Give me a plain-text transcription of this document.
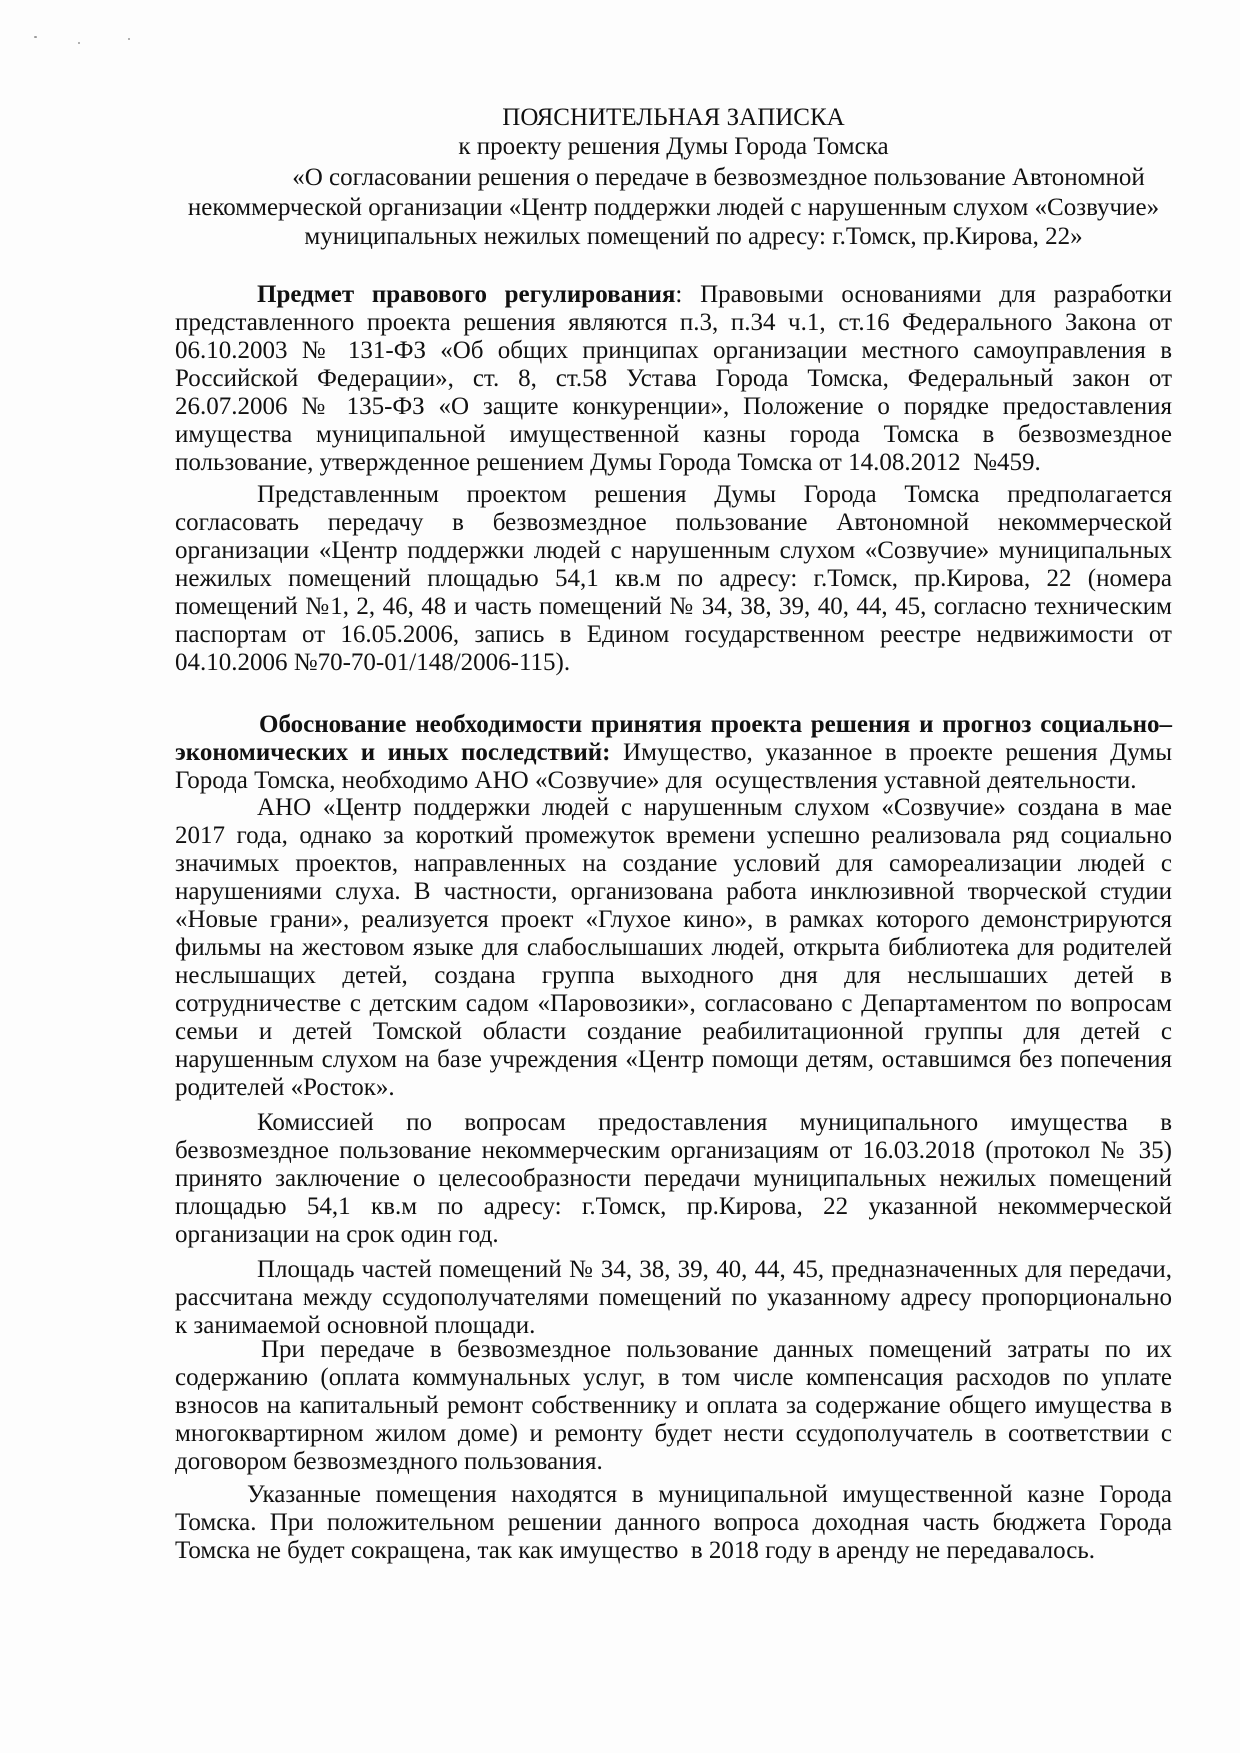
ПОЯСНИТЕЛЬНАЯ ЗАПИСКА
к проекту решения Думы Города Томска
«О согласовании решения о передаче в безвозмездное пользование Автономной
некоммерческой организации «Центр поддержки людей с нарушенным слухом «Созвучие»
муниципальных нежилых помещений по адресу: г.Томск, пр.Кирова, 22»
Предмет правового регулирования: Правовыми основаниями для разработки
представленного проекта решения являются п.3, п.34 ч.1, ст.16 Федерального Закона от
06.10.2003 № 131-ФЗ «Об общих принципах организации местного самоуправления в
Российской Федерации», ст. 8, ст.58 Устава Города Томска, Федеральный закон от
26.07.2006 № 135-ФЗ «О защите конкуренции», Положение о порядке предоставления
имущества муниципальной имущественной казны города Томска в безвозмездное
пользование, утвержденное решением Думы Города Томска от 14.08.2012  №459.
Представленным проектом решения Думы Города Томска предполагается
согласовать передачу в безвозмездное пользование Автономной некоммерческой
организации «Центр поддержки людей с нарушенным слухом «Созвучие» муниципальных
нежилых помещений площадью 54,1 кв.м по адресу: г.Томск, пр.Кирова, 22 (номера
помещений №1, 2, 46, 48 и часть помещений № 34, 38, 39, 40, 44, 45, согласно техническим
паспортам от 16.05.2006, запись в Едином государственном реестре недвижимости от
04.10.2006 №70-70-01/148/2006-115).
Обоснование необходимости принятия проекта решения и прогноз социально–
экономических и иных последствий: Имущество, указанное в проекте решения Думы
Города Томска, необходимо АНО «Созвучие» для  осуществления уставной деятельности.
АНО «Центр поддержки людей с нарушенным слухом «Созвучие» создана в мае
2017 года, однако за короткий промежуток времени успешно реализовала ряд социально
значимых проектов, направленных на создание условий для самореализации людей с
нарушениями слуха. В частности, организована работа инклюзивной творческой студии
«Новые грани», реализуется проект «Глухое кино», в рамках которого демонстрируются
фильмы на жестовом языке для слабослышаших людей, открыта библиотека для родителей
неслышащих детей, создана группа выходного дня для неслышаших детей в
сотрудничестве с детским садом «Паровозики», согласовано с Департаментом по вопросам
семьи и детей Томской области создание реабилитационной группы для детей с
нарушенным слухом на базе учреждения «Центр помощи детям, оставшимся без попечения
родителей «Росток».
Комиссией по вопросам предоставления муниципального имущества в
безвозмездное пользование некоммерческим организациям от 16.03.2018 (протокол № 35)
принято заключение о целесообразности передачи муниципальных нежилых помещений
площадью 54,1 кв.м по адресу: г.Томск, пр.Кирова, 22 указанной некоммерческой
организации на срок один год.
Площадь частей помещений № 34, 38, 39, 40, 44, 45, предназначенных для передачи,
рассчитана между ссудополучателями помещений по указанному адресу пропорционально
к занимаемой основной площади.
При передаче в безвозмездное пользование данных помещений затраты по их
содержанию (оплата коммунальных услуг, в том числе компенсация расходов по уплате
взносов на капитальный ремонт собственнику и оплата за содержание общего имущества в
многоквартирном жилом доме) и ремонту будет нести ссудополучатель в соответствии с
договором безвозмездного пользования.
Указанные помещения находятся в муниципальной имущественной казне Города
Томска. При положительном решении данного вопроса доходная часть бюджета Города
Томска не будет сокращена, так как имущество  в 2018 году в аренду не передавалось.
